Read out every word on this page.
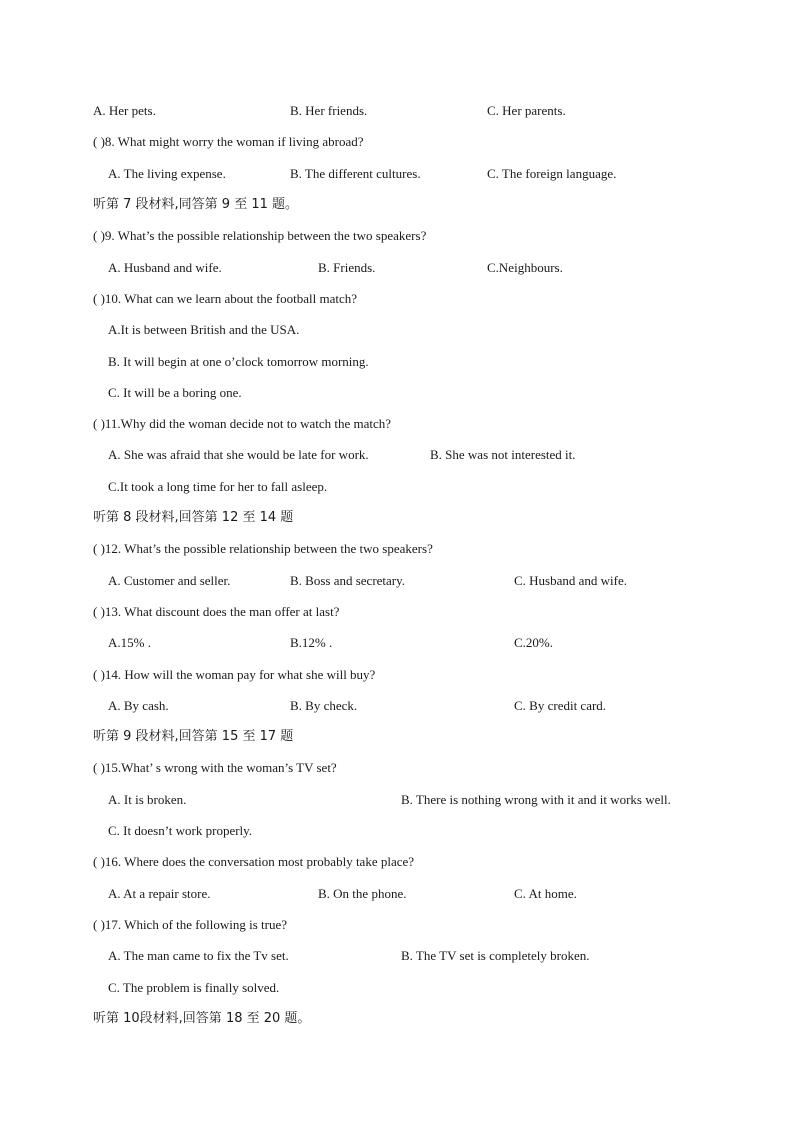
A. Her pets.	B. Her friends.	C. Her parents.
( )8. What might worry the woman if living abroad?
A. The living expense.	B. The different cultures.	C. The foreign language.
听第 7 段材料,同答第 9 至 11 题。
( )9. What’s the possible relationship between the two speakers?
A. Husband and wife.	B. Friends.	C.Neighbours.
( )10. What can we learn about the football match?
A.It is between British and the USA.
B. It will begin at one o’clock tomorrow morning.
C. It will be a boring one.
( )11.Why did the woman decide not to watch the match?
A. She was afraid that she would be late for work.	B. She was not interested it.
C.It took a long time for her to fall asleep.
听第 8 段材料,回答第 12 至 14 题
( )12. What’s the possible relationship between the two speakers?
A. Customer and seller.	B. Boss and secretary.	C. Husband and wife.
( )13. What discount does the man offer at last?
A.15% .	B.12% .	C.20%.
( )14. How will the woman pay for what she will buy?
A. By cash.	B. By check.	C. By credit card.
听第 9 段材料,回答第 15 至 17 题
( )15.What’ s wrong with the woman’s TV set?
A. It is broken.	B. There is nothing wrong with it and it works well.
C. It doesn’t work properly.
( )16. Where does the conversation most probably take place?
A. At a repair store.	B. On the phone.	C. At home.
( )17. Which of the following is true?
A. The man came to fix the Tv set.	B. The TV set is completely broken.
C. The problem is finally solved.
听第 10段材料,回答第 18 至 20 题。
